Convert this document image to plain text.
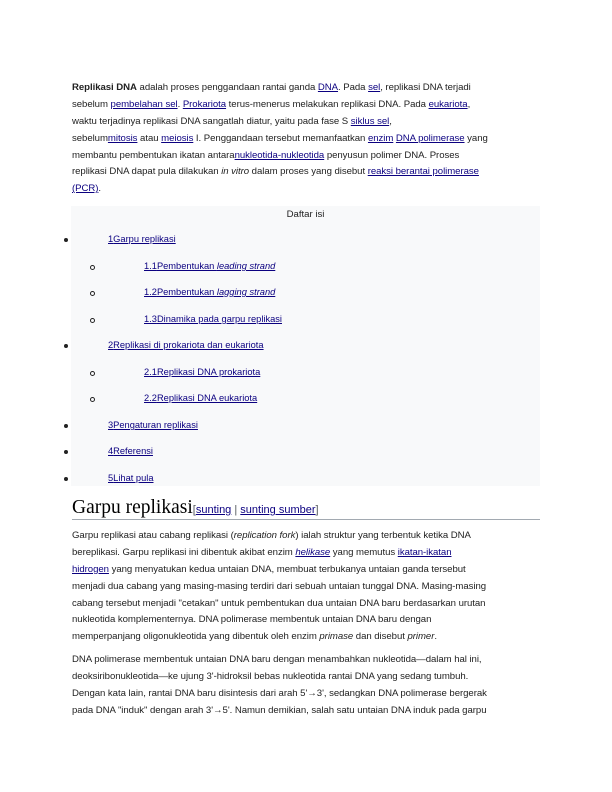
Replikasi DNA adalah proses penggandaan rantai ganda DNA. Pada sel, replikasi DNA terjadi
sebelum pembelahan sel. Prokariota terus-menerus melakukan replikasi DNA. Pada eukariota,
waktu terjadinya replikasi DNA sangatlah diatur, yaitu pada fase S siklus sel,
sebelummitosis atau meiosis I. Penggandaan tersebut memanfaatkan enzim DNA polimerase yang
membantu pembentukan ikatan antaranukleotida-nukleotida penyusun polimer DNA. Proses
replikasi DNA dapat pula dilakukan in vitro dalam proses yang disebut reaksi berantai polimerase
(PCR).
Daftar isi
1Garpu replikasi
1.1Pembentukan leading strand
1.2Pembentukan lagging strand
1.3Dinamika pada garpu replikasi
2Replikasi di prokariota dan eukariota
2.1Replikasi DNA prokariota
2.2Replikasi DNA eukariota
3Pengaturan replikasi
4Referensi
5Lihat pula
Garpu replikasi[sunting | sunting sumber]
Garpu replikasi atau cabang replikasi (replication fork) ialah struktur yang terbentuk ketika DNA
bereplikasi. Garpu replikasi ini dibentuk akibat enzim helikase yang memutus ikatan-ikatan
hidrogen yang menyatukan kedua untaian DNA, membuat terbukanya untaian ganda tersebut
menjadi dua cabang yang masing-masing terdiri dari sebuah untaian tunggal DNA. Masing-masing
cabang tersebut menjadi "cetakan" untuk pembentukan dua untaian DNA baru berdasarkan urutan
nukleotida komplementernya. DNA polimerase membentuk untaian DNA baru dengan
memperpanjang oligonukleotida yang dibentuk oleh enzim primase dan disebut primer.
DNA polimerase membentuk untaian DNA baru dengan menambahkan nukleotida—dalam hal ini,
deoksiribonukleotida—ke ujung 3'-hidroksil bebas nukleotida rantai DNA yang sedang tumbuh.
Dengan kata lain, rantai DNA baru disintesis dari arah 5'→3', sedangkan DNA polimerase bergerak
pada DNA "induk" dengan arah 3'→5'. Namun demikian, salah satu untaian DNA induk pada garpu
